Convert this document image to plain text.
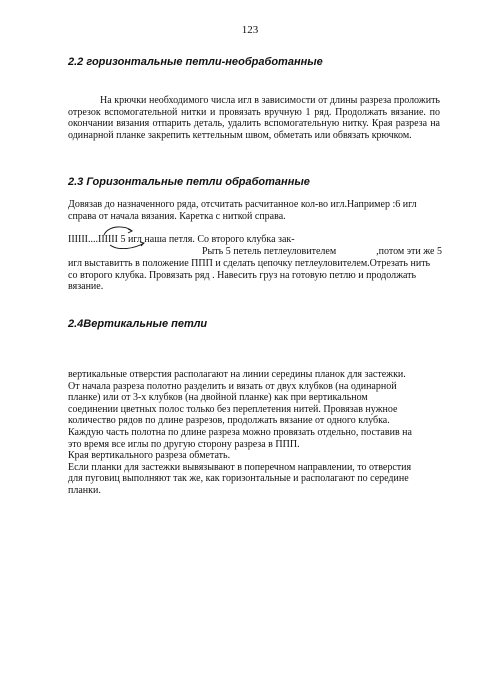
123
2.2 горизонтальные петли-необработанные

На крючки необходимого числа игл в зависимости от длины разреза проложить отрезок вспомогательной нитки и провязать вручную 1 ряд. Продолжать вязание. по окончании вязания отпарить деталь, удалить вспомогательную нитку. Края разреза на одинарной планке закрепить кеттельным швом, обметать или обвязать крючком.

2.3 Горизонтальные петли обработанные

Довязав до назначенного ряда, отсчитать расчитанное кол-во игл.Например :6 игл справа от начала вязания. Каретка с ниткой справа.

IIIIII....IIIIII 5 игл наша петля. Со второго клубка зак-
Рыть 5 петель петлеуловителем	,потом эти же 5

игл выставитть в положение ППП и сделать цепочку петлеуловителем.Отрезать нить со второго клубка. Провязать ряд . Навесить груз на готовую петлю и продолжать вязание.

2.4Вертикальные петли
вертикальные отверстия располагают на линии середины планок для застежки.
От начала разреза полотно разделить и вязать от двух клубков (на одинарной
планке) или от 3-х клубков (на двойной планке) как при вертикальном
соединении цветных полос только без переплетения нитей. Провязав нужное
количество рядов по длине разрезов, продолжать вязание от одного клубка.
Каждую часть полотна по длине разреза можно провязать отдельно, поставив на
это время все иглы по другую сторону разреза в ППП.
Края вертикального разреза обметать.
Если планки для застежки вывязывают в поперечном направлении, то отверстия
для пуговиц выполняют так же, как горизонтальные и располагают по середине
планки.
